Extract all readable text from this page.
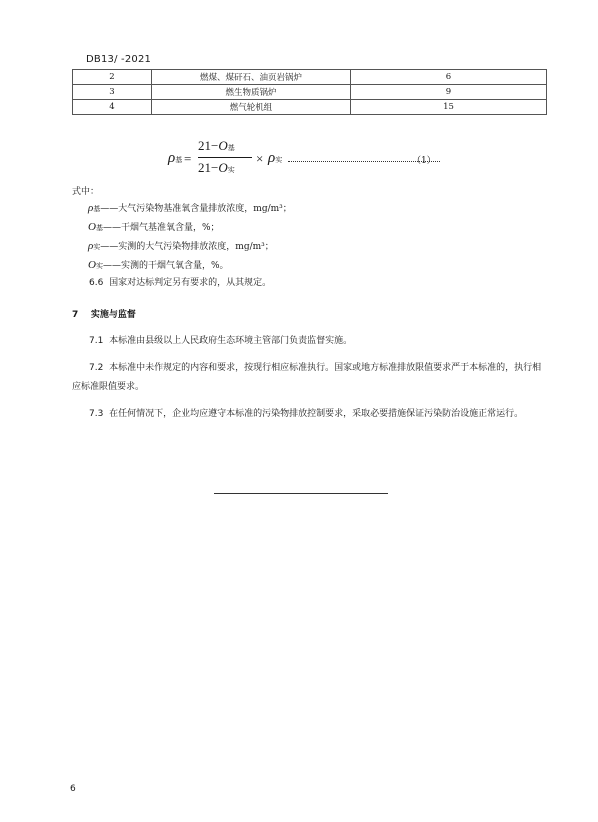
DB13/ -2021
2	燃煤、煤矸石、油页岩锅炉	6
3	燃生物质锅炉	9
4	燃气轮机组	15
ρ基 =
21−O基
21−O实
× ρ实	（1）
式中：
ρ基——大气污染物基准氧含量排放浓度，mg/m³；
O基——干烟气基准氧含量，%；
ρ实——实测的大气污染物排放浓度，mg/m³；
O实——实测的干烟气氧含量，%。
6.6 国家对达标判定另有要求的，从其规定。
7 实施与监督
7.1 本标准由县级以上人民政府生态环境主管部门负责监督实施。
7.2 本标准中未作规定的内容和要求，按现行相应标准执行。国家或地方标准排放限值要求严于本标准的，执行相应标准限值要求。
7.3 在任何情况下，企业均应遵守本标准的污染物排放控制要求，采取必要措施保证污染防治设施正常运行。
6
